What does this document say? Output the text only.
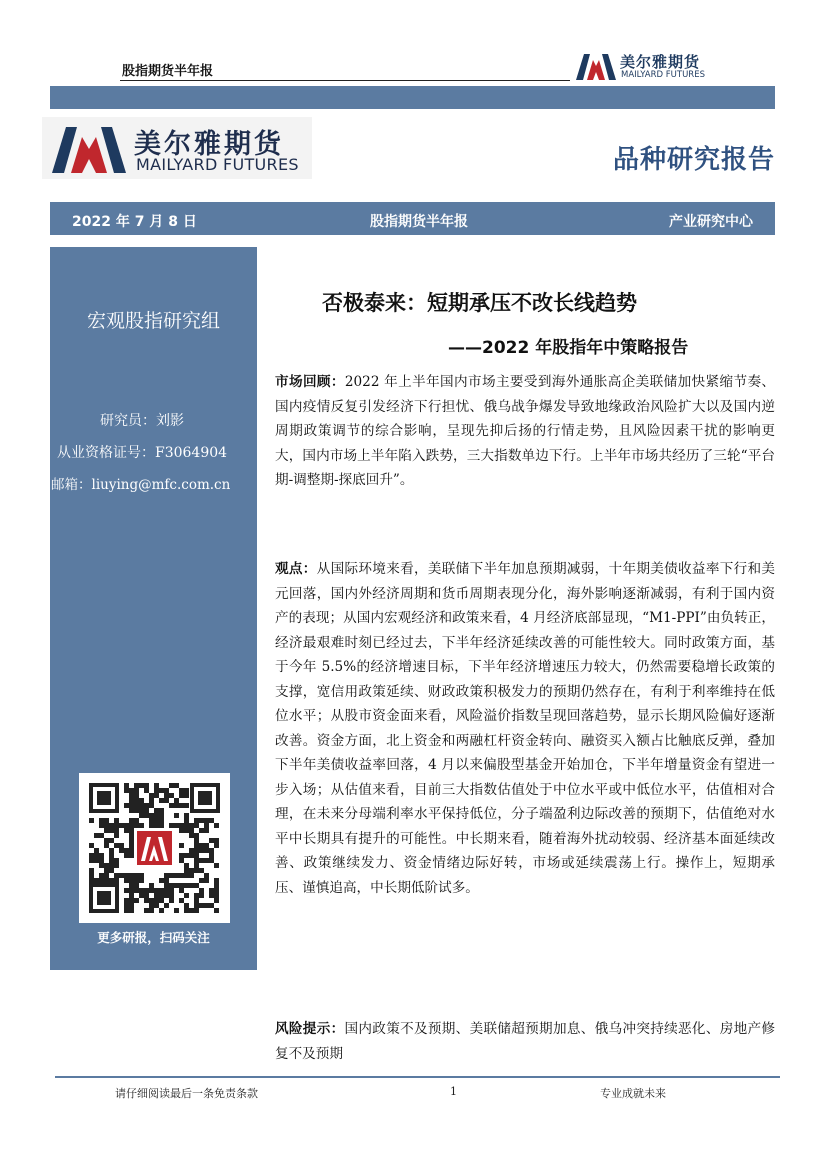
股指期货半年报
美尔雅期货
MAILYARD FUTURES
美尔雅期货
MAILYARD FUTURES	品种研究报告
2022 年 7 月 8 日	股指期货半年报	产业研究中心
研究员：刘影
从业资格证号：F3064904
邮箱：liuying@mfc.com.cn
宏观股指研究组
更多研报，扫码关注
否极泰来：短期承压不改长线趋势
——2022 年股指年中策略报告
市场回顾：2022 年上半年国内市场主要受到海外通胀高企美联储加快紧缩节奏、国内疫情反复引发经济下行担忧、俄乌战争爆发导致地缘政治风险扩大以及国内逆周期政策调节的综合影响，呈现先抑后扬的行情走势，且风险因素干扰的影响更大，国内市场上半年陷入跌势，三大指数单边下行。上半年市场共经历了三轮“平台期-调整期-探底回升”。
观点：从国际环境来看，美联储下半年加息预期减弱，十年期美债收益率下行和美元回落，国内外经济周期和货币周期表现分化，海外影响逐渐减弱，有利于国内资产的表现；从国内宏观经济和政策来看，4 月经济底部显现，“M1-PPI”由负转正，经济最艰难时刻已经过去，下半年经济延续改善的可能性较大。同时政策方面，基于今年 5.5%的经济增速目标，下半年经济增速压力较大，仍然需要稳增长政策的支撑，宽信用政策延续、财政政策积极发力的预期仍然存在，有利于利率维持在低位水平；从股市资金面来看，风险溢价指数呈现回落趋势，显示长期风险偏好逐渐改善。资金方面，北上资金和两融杠杆资金转向、融资买入额占比触底反弹，叠加下半年美债收益率回落，4 月以来偏股型基金开始加仓，下半年增量资金有望进一步入场；从估值来看，目前三大指数估值处于中位水平或中低位水平，估值相对合理，在未来分母端利率水平保持低位，分子端盈利边际改善的预期下，估值绝对水平中长期具有提升的可能性。中长期来看，随着海外扰动较弱、经济基本面延续改善、政策继续发力、资金情绪边际好转，市场或延续震荡上行。操作上，短期承压、谨慎追高，中长期低阶试多。
风险提示：国内政策不及预期、美联储超预期加息、俄乌冲突持续恶化、房地产修复不及预期
请仔细阅读最后一条免责条款	1	专业成就未来
